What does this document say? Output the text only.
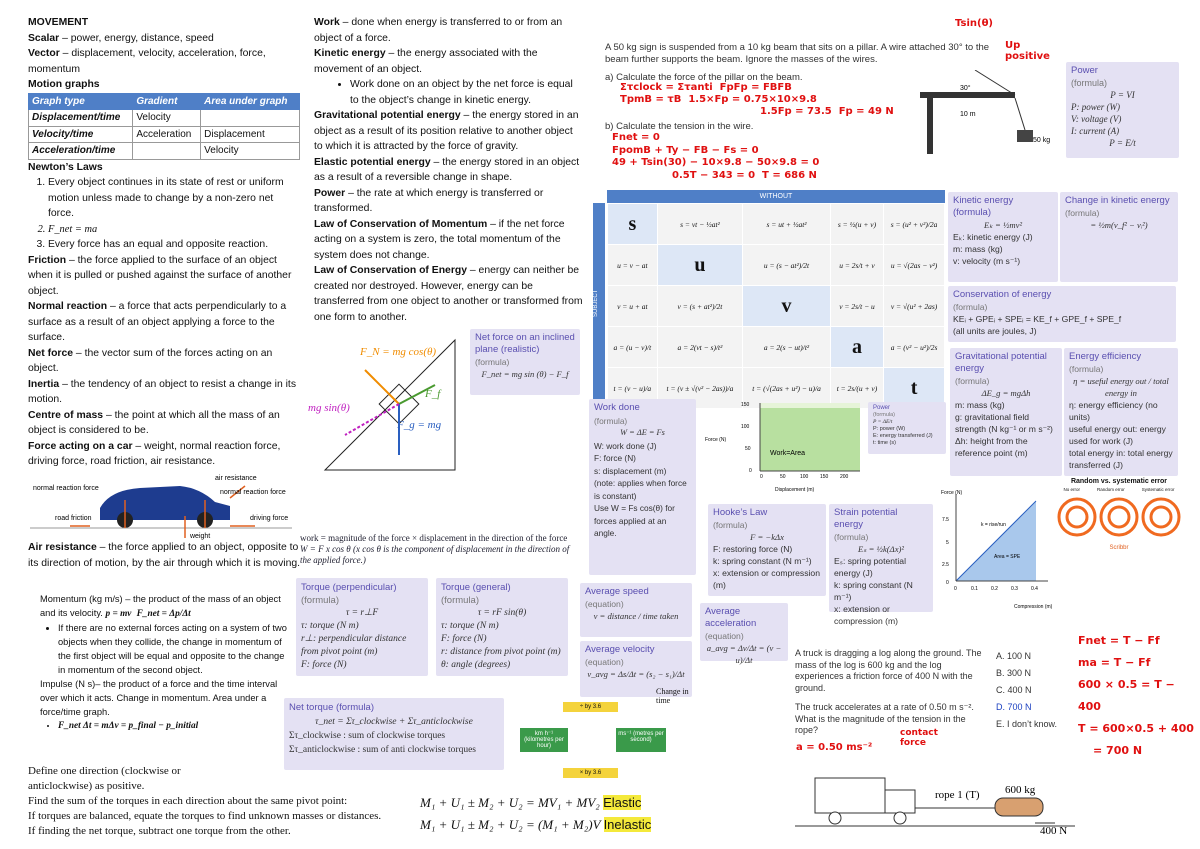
MOVEMENT
Scalar – power, energy, distance, speed
Vector – displacement, velocity, acceleration, force, momentum
Motion graphs
Graph type	Gradient	Area under graph
Displacement/time	Velocity	
Velocity/time	Acceleration	Displacement
Acceleration/time		Velocity
Newton’s Laws
1. Every object continues in its state of rest or uniform motion unless made to change by a non-zero net force.
2. F_net = ma
3. Every force has an equal and opposite reaction.
Friction – the force applied to the surface of an object when it is pulled or pushed against the surface of another object.
Normal reaction – a force that acts perpendicularly to a surface as a result of an object applying a force to the surface.
Net force – the vector sum of the forces acting on an object.
Inertia – the tendency of an object to resist a change in its motion.
Centre of mass – the point at which all the mass of an object is considered to be.
Force acting on a car – weight, normal reaction force, driving force, road friction, air resistance.
air resistance
normal reaction force
normal reaction force
road friction	driving force
weight
Air resistance – the force applied to an object, opposite to its direction of motion, by the air through which it is moving.
Momentum (kg m/s) – the product of the mass of an object and its velocity. p = mv F_net = Δp/Δt
• If there are no external forces acting on a system of two objects when they collide, the change in momentum of the first object will be equal and opposite to the change in momentum of the second object.
Impulse (N s)– the product of a force and the time interval over which it acts. Change in momentum. Area under a force/time graph.
• F_net Δt = mΔv = p_final − p_initial
Define one direction (clockwise or anticlockwise) as positive.
Find the sum of the torques in each direction about the same pivot point:
If torques are balanced, equate the torques to find unknown masses or distances.
If finding the net torque, subtract one torque from the other.
Work – done when energy is transferred to or from an object of a force.
Kinetic energy – the energy associated with the movement of an object.
• Work done on an object by the net force is equal to the object’s change in kinetic energy.
Gravitational potential energy – the energy stored in an object as a result of its position relative to another object to which it is attracted by the force of gravity.
Elastic potential energy – the energy stored in an object as a result of a reversible change in shape.
Power – the rate at which energy is transferred or transformed.
Law of Conservation of Momentum – if the net force acting on a system is zero, the total momentum of the system does not change.
Law of Conservation of Energy – energy can neither be created nor destroyed. However, energy can be transferred from one object to another or transformed from one form to another.
F_N = mg cos(θ)
F_f
F_g = mg
mg sin(θ)
Net force on an inclined plane (realistic)
(formula)
F_net = mg sin (θ) − F_f
work = magnitude of the force × displacement in the direction of the force
W = F x cos θ (x cos θ is the component of displacement in the direction of the applied force.)
Torque (perpendicular)
(formula)
τ = r⊥F
τ: torque (N m)
r⊥: perpendicular distance from pivot point (m)
F: force (N)
Torque (general)
(formula)
τ = rF sin(θ)
τ: torque (N m)
F: force (N)
r: distance from pivot point (m)
θ: angle (degrees)
Net torque (formula)
τ_net = Στ_clockwise + Στ_anticlockwise
Στ_clockwise : sum of clockwise torques
Στ_anticlockwise : sum of anti clockwise torques
÷ by 3.6
km h⁻¹ (kilometres per hour)
ms⁻¹ (metres per second)
× by 3.6
M₁ + U₁ ± M₂ + U₂ = MV₁ + MV₂ Elastic
M₁ + U₁ ± M₂ + U₂ = (M₁ + M₂)V Inelastic
A 50 kg sign is suspended from a 10 kg beam that sits on a pillar. A wire attached 30° to the beam further supports the beam. Ignore the masses of the wires.
a) Calculate the force of the pillar on the beam.
b) Calculate the tension in the wire.
Στclock = Στanti FpFp = FBFB
TpmB = τB 1.5×Fp = 0.75×10×9.8
1.5Fp = 73.5 Fp = 49 N
Fnet = 0
FpomB + Ty − FB − Fs = 0
49 + Tsin(30) − 10×9.8 − 50×9.8 = 0
0.5T − 343 = 0 T = 686 N
Tsin(θ)
Up positive
30°
10 m
50 kg
Power
(formula)
P = VI
P: power (W)
V: voltage (V)
I: current (A)
P = E/t
WITHOUT
SUBJECT
s	s = vt − ½at²	s = ut + ½at²	s = ½(u + v)	s = (u² + v²)/2a
u = v − at	u	u = (s − at²)/2t	u = 2s/t + v	u = √(2as − v²)
v = u + at	v = (s + at²)/2t	v	v = 2s/t − u	v = √(u² + 2as)
a = (u − v)/t	a = 2(vt − s)/t²	a = 2(s − ut)/t²	a	a = (v² − u²)/2s
t = (v − u)/a	t = (v ± √(v² − 2as))/a	t = (√(2as + u²) − u)/a	t = 2s/(u + v)	t
Kinetic energy (formula)
Eₖ = ½mv²
Eₖ: kinetic energy (J)
m: mass (kg)
v: velocity (m s⁻¹)
Change in kinetic energy
(formula)
= ½m(v_f² − vᵢ²)
Conservation of energy
(formula)
KEᵢ + GPEᵢ + SPEᵢ = KE_f + GPE_f + SPE_f
(all units are joules, J)
Gravitational potential energy
(formula)
ΔE_g = mgΔh
m: mass (kg)
g: gravitational field strength (N kg⁻¹ or m s⁻²)
Δh: height from the reference point (m)
Energy efficiency
(formula)
η = useful energy out / total energy in
η: energy efficiency (no units)
useful energy out: energy used for work (J)
total energy in: total energy transferred (J)
Work done
(formula)
W = ΔE = Fs
W: work done (J)
F: force (N)
s: displacement (m)
(note: applies when force is constant)
Use W = Fs cos(θ) for forces applied at an angle.
Force (N)
Displacement (m)
Work=Area
150
100
50
0
0	50	100 150 200
Power
(formula)
P = ΔE/t
P: power (W)
E: energy transferred (J)
t: time (s)
Hooke’s Law
(formula)
F = −kΔx
F: restoring force (N)
k: spring constant (N m⁻¹)
x: extension or compression (m)
Strain potential energy
(formula)
Eₛ = ½k(Δx)²
Eₛ: spring potential energy (J)
k: spring constant (N m⁻¹)
x: extension or compression (m)
Force (N)
Compression (m)
k = rise/run
Area = SPE
7.5
5
2.5
0
0	0.1	0.2	0.3	0.4
Random vs. systematic error
No error	Random error	Systematic error
Scribbr
Average speed
(equation)
v = distance / time taken
Average velocity
(equation)
v_avg = Δs/Δt = (s₂ − s₁)/Δt
Change in time
Average acceleration
(equation)
a_avg = Δv/Δt = (v − u)/Δt
A truck is dragging a log along the ground. The mass of the log is 600 kg and the log experiences a friction force of 400 N with the ground.
The truck accelerates at a rate of 0.50 m s⁻². What is the magnitude of the tension in the rope?
A. 100 N
B. 300 N
C. 400 N
D. 700 N
E. I don’t know.
Fnet = T − Ff
ma = T − Ff
600 × 0.5 = T − 400
T = 600×0.5 + 400
= 700 N
contact force
a = 0.50 ms⁻²
rope 1 (T) 600 kg
400 N
